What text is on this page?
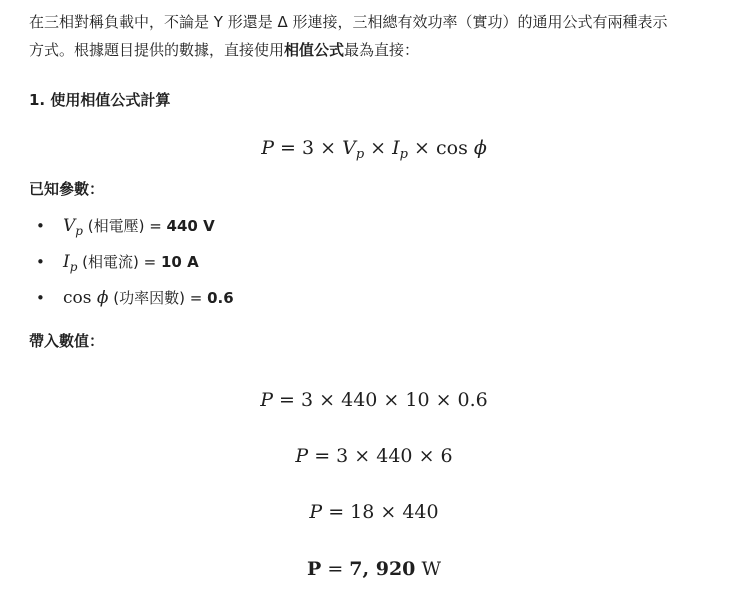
在三相對稱負載中，不論是 Y 形還是 Δ 形連接，三相總有效功率（實功）的通用公式有兩種表示
方式。根據題目提供的數據，直接使用相值公式最為直接：
1. 使用相值公式計算
$P = 3 \times V_p \times I_p \times \cos \phi$
已知參數：
• $V_p$ (相電壓) = 440 V
• $I_p$ (相電流) = 10 A
• cos ϕ (功率因數) = 0.6
帶入數值：
P = 3 × 440 × 10 × 0.6
P = 3 × 440 × 6
P = 18 × 440
P = 7, 920 W
